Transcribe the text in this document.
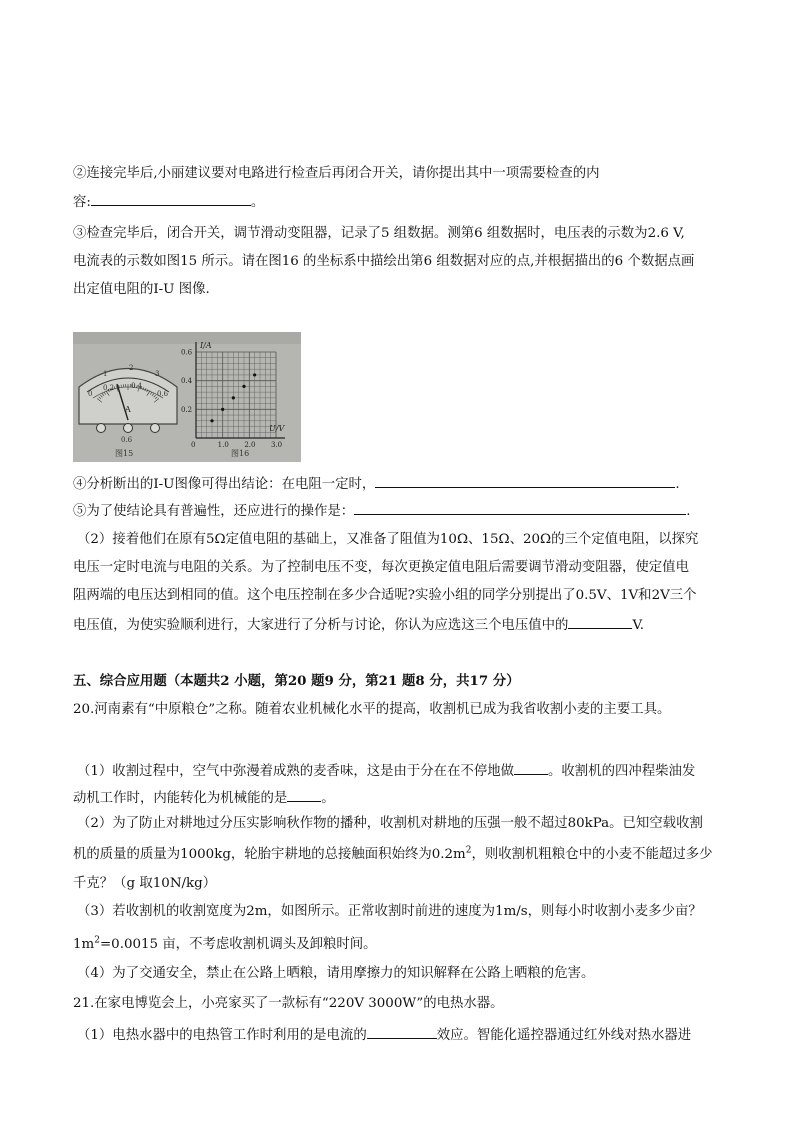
②连接完毕后,小丽建议要对电路进行检查后再闭合开关，请你提出其中一项需要检查的内
容:	。
③检查完毕后，闭合开关，调节滑动变阻器，记录了5 组数据。测第6 组数据时，电压表的示数为2.6 V,
电流表的示数如图15 所示。请在图16 的坐标系中描绘出第6 组数据对应的点,并根据描出的6 个数据点画
出定值电阻的I-U 图像.
0
0.2 0.4
0.6
1
2
3
A
0.6
图15
I/A
U/V
0	1.0 2.0 3.0
0.2
0.4
0.6
图16
④分析断出的I-U图像可得出结论：在电阻一定时，	.
⑤为了使结论具有普遍性，还应进行的操作是：	.
（2）接着他们在原有5Ω定值电阻的基础上，又准备了阻值为10Ω、15Ω、20Ω的三个定值电阻，以探究
电压一定时电流与电阻的关系。为了控制电压不变，每次更换定值电阻后需要调节滑动变阻器，使定值电
阻两端的电压达到相同的值。这个电压控制在多少合适呢?实验小组的同学分别提出了0.5V、1V和2V三个
电压值，为使实验顺利进行，大家进行了分析与讨论，你认为应选这三个电压值中的	V.
五、综合应用题（本题共2 小题，第20 题9 分，第21 题8 分，共17 分）
20.河南素有“中原粮仓”之称。随着农业机械化水平的提高，收割机已成为我省收割小麦的主要工具。
（1）收割过程中，空气中弥漫着成熟的麦香味，这是由于分在在不停地做	。收割机的四冲程柴油发
动机工作时，内能转化为机械能的是	。
（2）为了防止对耕地过分压实影响秋作物的播种，收割机对耕地的压强一般不超过80kPa。已知空载收割
机的质量的质量为1000kg，轮胎宇耕地的总接触面积始终为$0.2m^2$，则收割机粗粮仓中的小麦不能超过多少
千克？（g 取10N/kg）
（3）若收割机的收割宽度为2m，如图所示。正常收割时前进的速度为1m/s，则每小时收割小麦多少亩？
$1m^2=0.0015$ 亩，不考虑收割机调头及卸粮时间。
（4）为了交通安全，禁止在公路上晒粮，请用摩擦力的知识解释在公路上晒粮的危害。
21.在家电博览会上，小亮家买了一款标有“220V 3000W”的电热水器。
（1）电热水器中的电热管工作时利用的是电流的	效应。智能化遥控器通过红外线对热水器进
